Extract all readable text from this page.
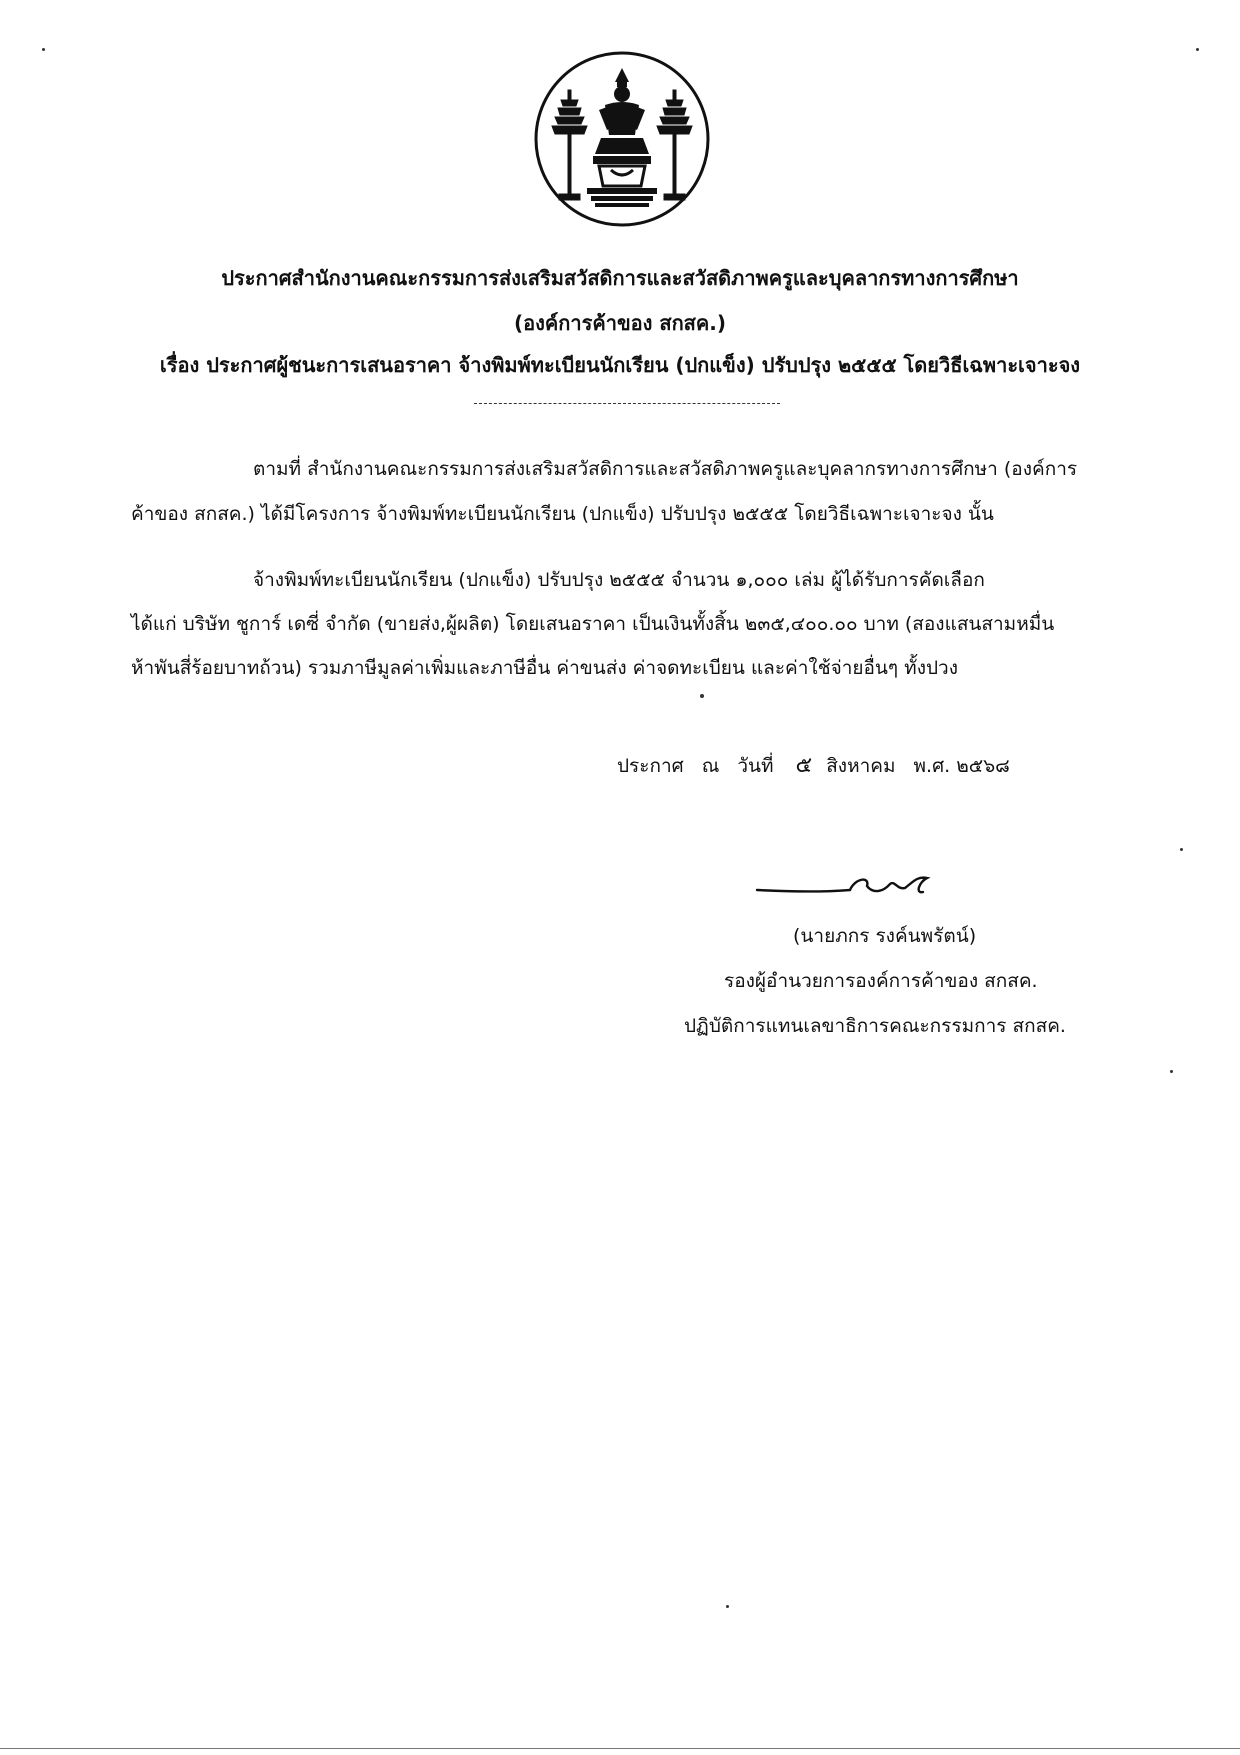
ประกาศสำนักงานคณะกรรมการส่งเสริมสวัสดิการและสวัสดิภาพครูและบุคลากรทางการศึกษา
(องค์การค้าของ สกสค.)
เรื่อง ประกาศผู้ชนะการเสนอราคา จ้างพิมพ์ทะเบียนนักเรียน (ปกแข็ง) ปรับปรุง ๒๕๕๕ โดยวิธีเฉพาะเจาะจง
ตามที่ สำนักงานคณะกรรมการส่งเสริมสวัสดิการและสวัสดิภาพครูและบุคลากรทางการศึกษา (องค์การ
ค้าของ สกสค.) ได้มีโครงการ จ้างพิมพ์ทะเบียนนักเรียน (ปกแข็ง) ปรับปรุง ๒๕๕๕ โดยวิธีเฉพาะเจาะจง นั้น
จ้างพิมพ์ทะเบียนนักเรียน (ปกแข็ง) ปรับปรุง ๒๕๕๕ จำนวน ๑,๐๐๐ เล่ม ผู้ได้รับการคัดเลือก
ได้แก่ บริษัท ชูการ์ เดซี่ จำกัด (ขายส่ง,ผู้ผลิต) โดยเสนอราคา เป็นเงินทั้งสิ้น ๒๓๕,๔๐๐.๐๐ บาท (สองแสนสามหมื่น
ห้าพันสี่ร้อยบาทถ้วน) รวมภาษีมูลค่าเพิ่มและภาษีอื่น ค่าขนส่ง ค่าจดทะเบียน และค่าใช้จ่ายอื่นๆ ทั้งปวง
ประกาศ ณ วันที่ ๕ สิงหาคม พ.ศ. ๒๕๖๘
(นายภกร รงค์นพรัตน์)
รองผู้อำนวยการองค์การค้าของ สกสค.
ปฏิบัติการแทนเลขาธิการคณะกรรมการ สกสค.
